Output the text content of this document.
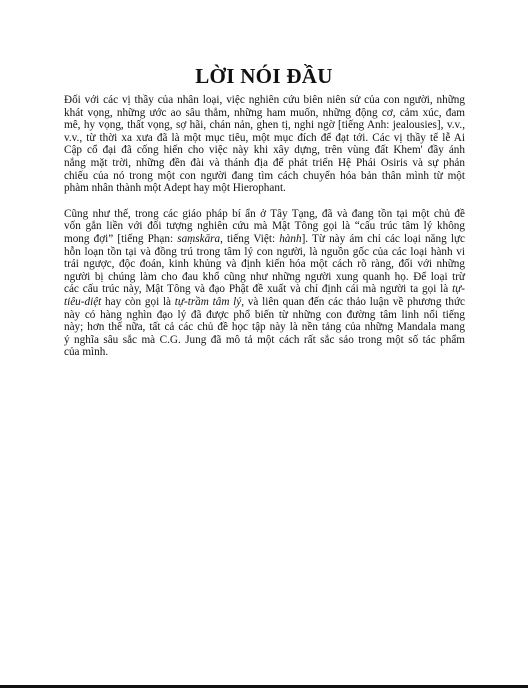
LỜI NÓI ĐẦU

Đối với các vị thầy của nhân loại, việc nghiên cứu biên niên sử của con người, những
khát vọng, những ước ao sâu thẳm, những ham muốn, những động cơ, cảm xúc, đam
mê, hy vọng, thất vọng, sợ hãi, chán nản, ghen tị, nghi ngờ [tiếng Anh: jealousies], v.v.,
v.v., từ thời xa xưa đã là một mục tiêu, một mục đích để đạt tới. Các vị thầy tế lễ Ai
Cập cổ đại đã cống hiến cho việc này khi xây dựng, trên vùng đất Khem' đầy ánh
nắng mặt trời, những đền đài và thánh địa để phát triển Hệ Phái Osiris và sự phản
chiếu của nó trong một con người đang tìm cách chuyển hóa bản thân mình từ một
phàm nhân thành một Adept hay một Hierophant.

Cũng như thế, trong các giáo pháp bí ẩn ở Tây Tạng, đã và đang tồn tại một chủ đề
vốn gắn liền với đối tượng nghiên cứu mà Mật Tông gọi là “cấu trúc tâm lý không
mong đợi” [tiếng Phạn: saṃskāra, tiếng Việt: hành]. Từ này ám chỉ các loại năng lực
hỗn loạn tồn tại và đồng trú trong tâm lý con người, là nguồn gốc của các loại hành vi
trái ngược, độc đoán, kinh khủng và định kiến hóa một cách rõ ràng, đối với những
người bị chúng làm cho đau khổ cũng như những người xung quanh họ. Để loại trừ
các cấu trúc này, Mật Tông và đạo Phật đề xuất và chỉ định cái mà người ta gọi là tự-
tiêu-diệt hay còn gọi là tự-trầm tâm lý, và liên quan đến các thảo luận về phương thức
này có hàng nghìn đạo lý đã được phổ biến từ những con đường tâm linh nổi tiếng
này; hơn thế nữa, tất cả các chủ đề học tập này là nền tảng của những Mandala mang
ý nghĩa sâu sắc mà C.G. Jung đã mô tả một cách rất sắc sảo trong một số tác phẩm
của mình.
